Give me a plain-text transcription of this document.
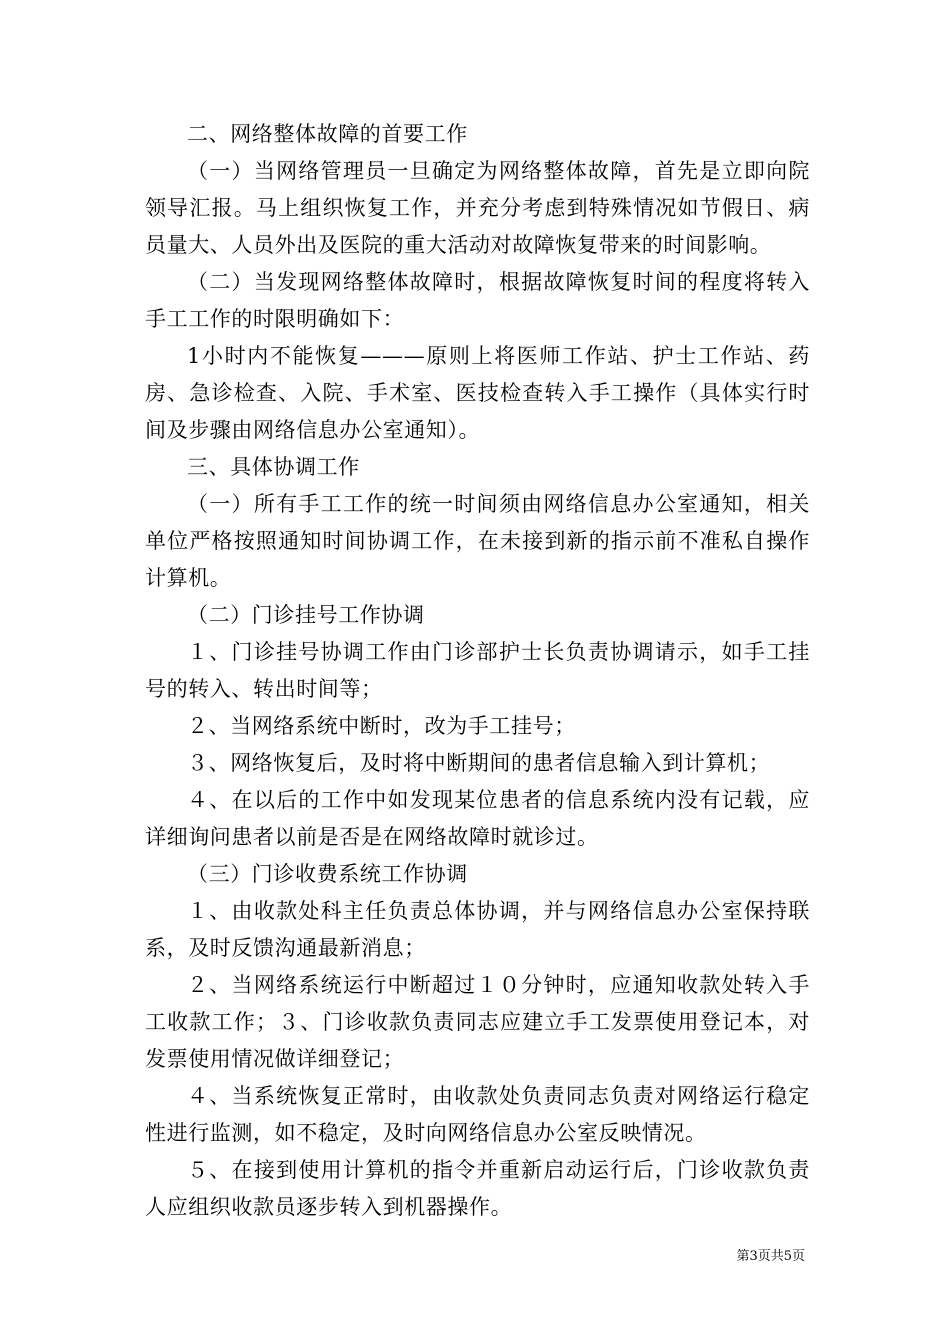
二、网络整体故障的首要工作

（一）当网络管理员一旦确定为网络整体故障，首先是立即向院领导汇报。马上组织恢复工作，并充分考虑到特殊情况如节假日、病员量大、人员外出及医院的重大活动对故障恢复带来的时间影响。

（二）当发现网络整体故障时，根据故障恢复时间的程度将转入手工工作的时限明确如下：

1小时内不能恢复———原则上将医师工作站、护士工作站、药房、急诊检查、入院、手术室、医技检查转入手工操作（具体实行时间及步骤由网络信息办公室通知）。

三、具体协调工作

（一）所有手工工作的统一时间须由网络信息办公室通知，相关单位严格按照通知时间协调工作，在未接到新的指示前不准私自操作计算机。

（二）门诊挂号工作协调

１、门诊挂号协调工作由门诊部护士长负责协调请示，如手工挂号的转入、转出时间等；

２、当网络系统中断时，改为手工挂号；

３、网络恢复后，及时将中断期间的患者信息输入到计算机；

４、在以后的工作中如发现某位患者的信息系统内没有记载，应详细询问患者以前是否是在网络故障时就诊过。

（三）门诊收费系统工作协调

１、由收款处科主任负责总体协调，并与网络信息办公室保持联系，及时反馈沟通最新消息；

２、当网络系统运行中断超过１０分钟时，应通知收款处转入手工收款工作；３、门诊收款负责同志应建立手工发票使用登记本，对发票使用情况做详细登记；

４、当系统恢复正常时，由收款处负责同志负责对网络运行稳定性进行监测，如不稳定，及时向网络信息办公室反映情况。

５、在接到使用计算机的指令并重新启动运行后，门诊收款负责人应组织收款员逐步转入到机器操作。

第3页共5页
